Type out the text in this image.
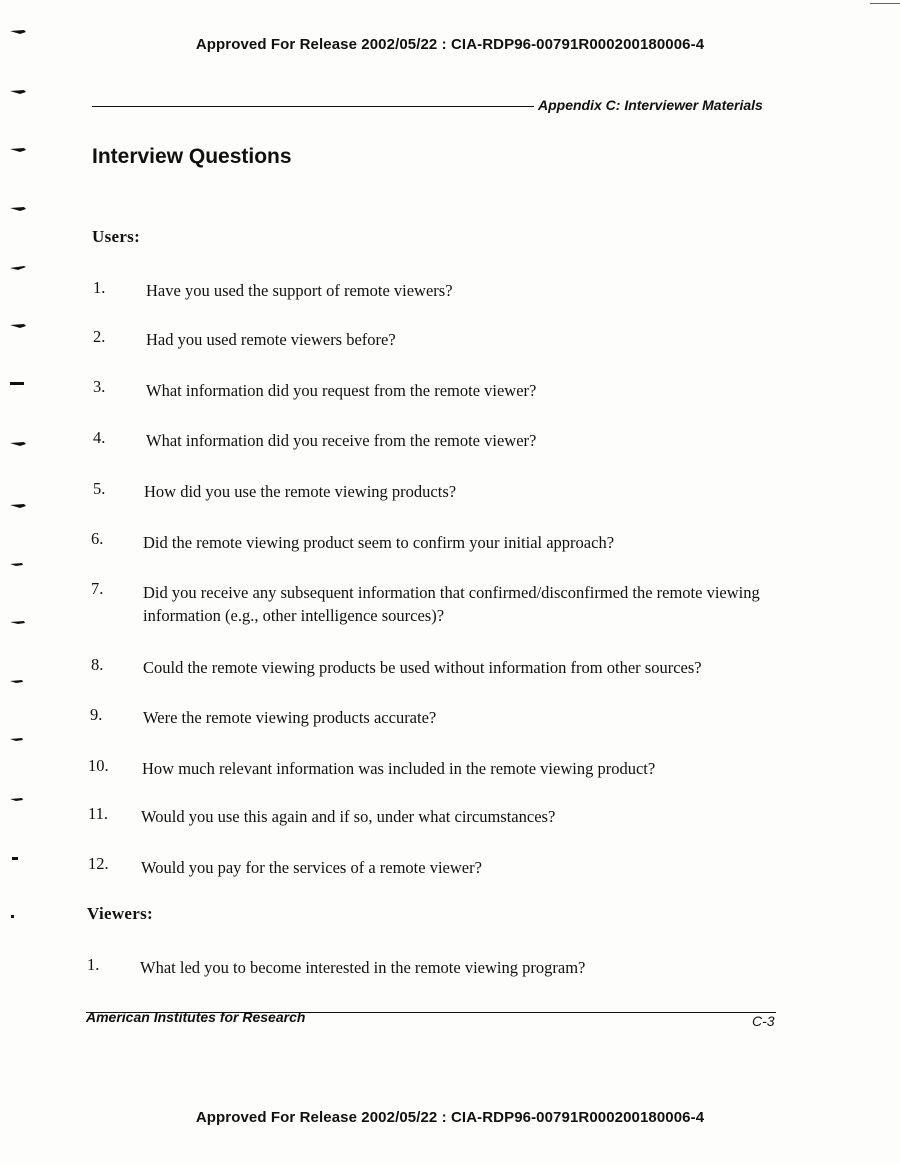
Approved For Release 2002/05/22 : CIA-RDP96-00791R000200180006-4
Appendix C: Interviewer Materials
Interview Questions
Users:
1. Have you used the support of remote viewers?
2. Had you used remote viewers before?
3. What information did you request from the remote viewer?
4. What information did you receive from the remote viewer?
5. How did you use the remote viewing products?
6. Did the remote viewing product seem to confirm your initial approach?
7. Did you receive any subsequent information that confirmed/disconfirmed the remote viewing information (e.g., other intelligence sources)?
8. Could the remote viewing products be used without information from other sources?
9. Were the remote viewing products accurate?
10. How much relevant information was included in the remote viewing product?
11. Would you use this again and if so, under what circumstances?
12. Would you pay for the services of a remote viewer?
Viewers:
1. What led you to become interested in the remote viewing program?
American Institutes for Research	C-3
Approved For Release 2002/05/22 : CIA-RDP96-00791R000200180006-4
